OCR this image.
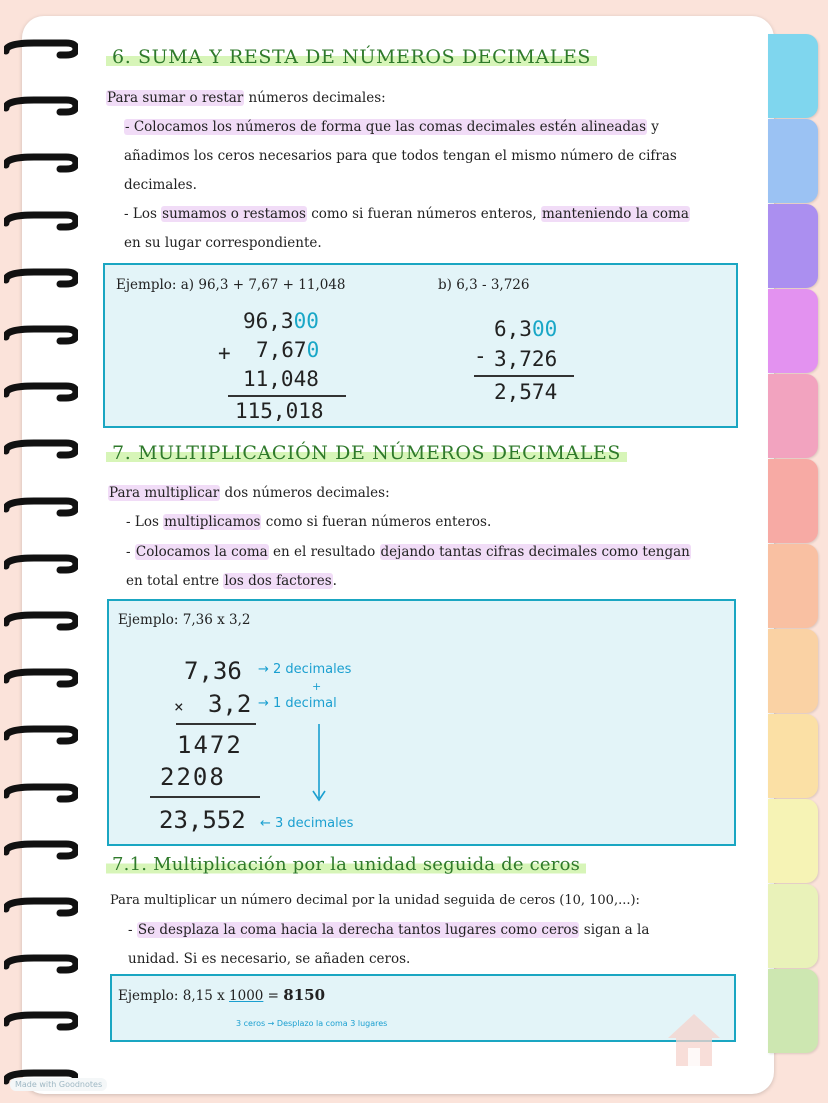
6. SUMA Y RESTA DE NÚMEROS DECIMALES
Para sumar o restar números decimales:
- Colocamos los números de forma que las comas decimales estén alineadas y
añadimos los ceros necesarios para que todos tengan el mismo número de cifras
decimales.
- Los sumamos o restamos como si fueran números enteros, manteniendo la coma
en su lugar correspondiente.
Ejemplo: a) 96,3 + 7,67 + 11,048	b) 6,3 - 3,726
96,300
+ 7,670
11,048
115,018
6,300
- 3,726
2,574
7. MULTIPLICACIÓN DE NÚMEROS DECIMALES
Para multiplicar dos números decimales:
- Los multiplicamos como si fueran números enteros.
- Colocamos la coma en el resultado dejando tantas cifras decimales como tengan
en total entre los dos factores.
Ejemplo: 7,36 x 3,2
7,36 → 2 decimales
+
× 3,2 → 1 decimal
1472
2208
23,552 ← 3 decimales
7.1. Multiplicación por la unidad seguida de ceros
Para multiplicar un número decimal por la unidad seguida de ceros (10, 100,...):
- Se desplaza la coma hacia la derecha tantos lugares como ceros sigan a la
unidad. Si es necesario, se añaden ceros.
Ejemplo: 8,15 x 1000 = 8150
3 ceros → Desplazo la coma 3 lugares
Made with Goodnotes
